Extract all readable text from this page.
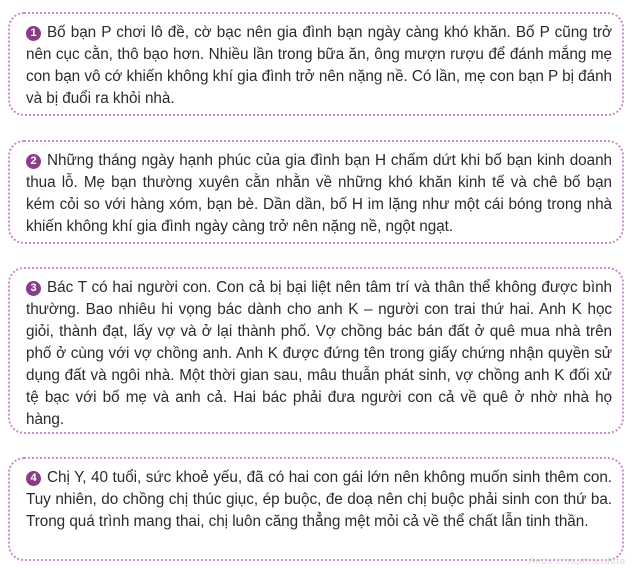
1 Bố bạn P chơi lô đề, cờ bạc nên gia đình bạn ngày càng khó khăn. Bố P cũng trở nên cục cằn, thô bạo hơn. Nhiều lần trong bữa ăn, ông mượn rượu để đánh mắng mẹ con bạn vô cớ khiến không khí gia đình trở nên nặng nề. Có lần, mẹ con bạn P bị đánh và bị đuổi ra khỏi nhà.

2 Những tháng ngày hạnh phúc của gia đình bạn H chấm dứt khi bố bạn kinh doanh thua lỗ. Mẹ bạn thường xuyên cằn nhằn về những khó khăn kinh tế và chê bố bạn kém cỏi so với hàng xóm, bạn bè. Dần dần, bố H im lặng như một cái bóng trong nhà khiến không khí gia đình ngày càng trở nên nặng nề, ngột ngạt.

3 Bác T có hai người con. Con cả bị bại liệt nên tâm trí và thân thể không được bình thường. Bao nhiêu hi vọng bác dành cho anh K – người con trai thứ hai. Anh K học giỏi, thành đạt, lấy vợ và ở lại thành phố. Vợ chồng bác bán đất ở quê mua nhà trên phố ở cùng với vợ chồng anh. Anh K được đứng tên trong giấy chứng nhận quyền sử dụng đất và ngôi nhà. Một thời gian sau, mâu thuẫn phát sinh, vợ chồng anh K đối xử tệ bạc với bố mẹ và anh cả. Hai bác phải đưa người con cả về quê ở nhờ nhà họ hàng.

4 Chị Y, 40 tuổi, sức khoẻ yếu, đã có hai con gái lớn nên không muốn sinh thêm con. Tuy nhiên, do chồng chị thúc giục, ép buộc, đe doạ nên chị buộc phải sinh con thứ ba. Trong quá trình mang thai, chị luôn căng thẳng mệt mỏi cả về thể chất lẫn tinh thần.

Ands cmapthietdata
